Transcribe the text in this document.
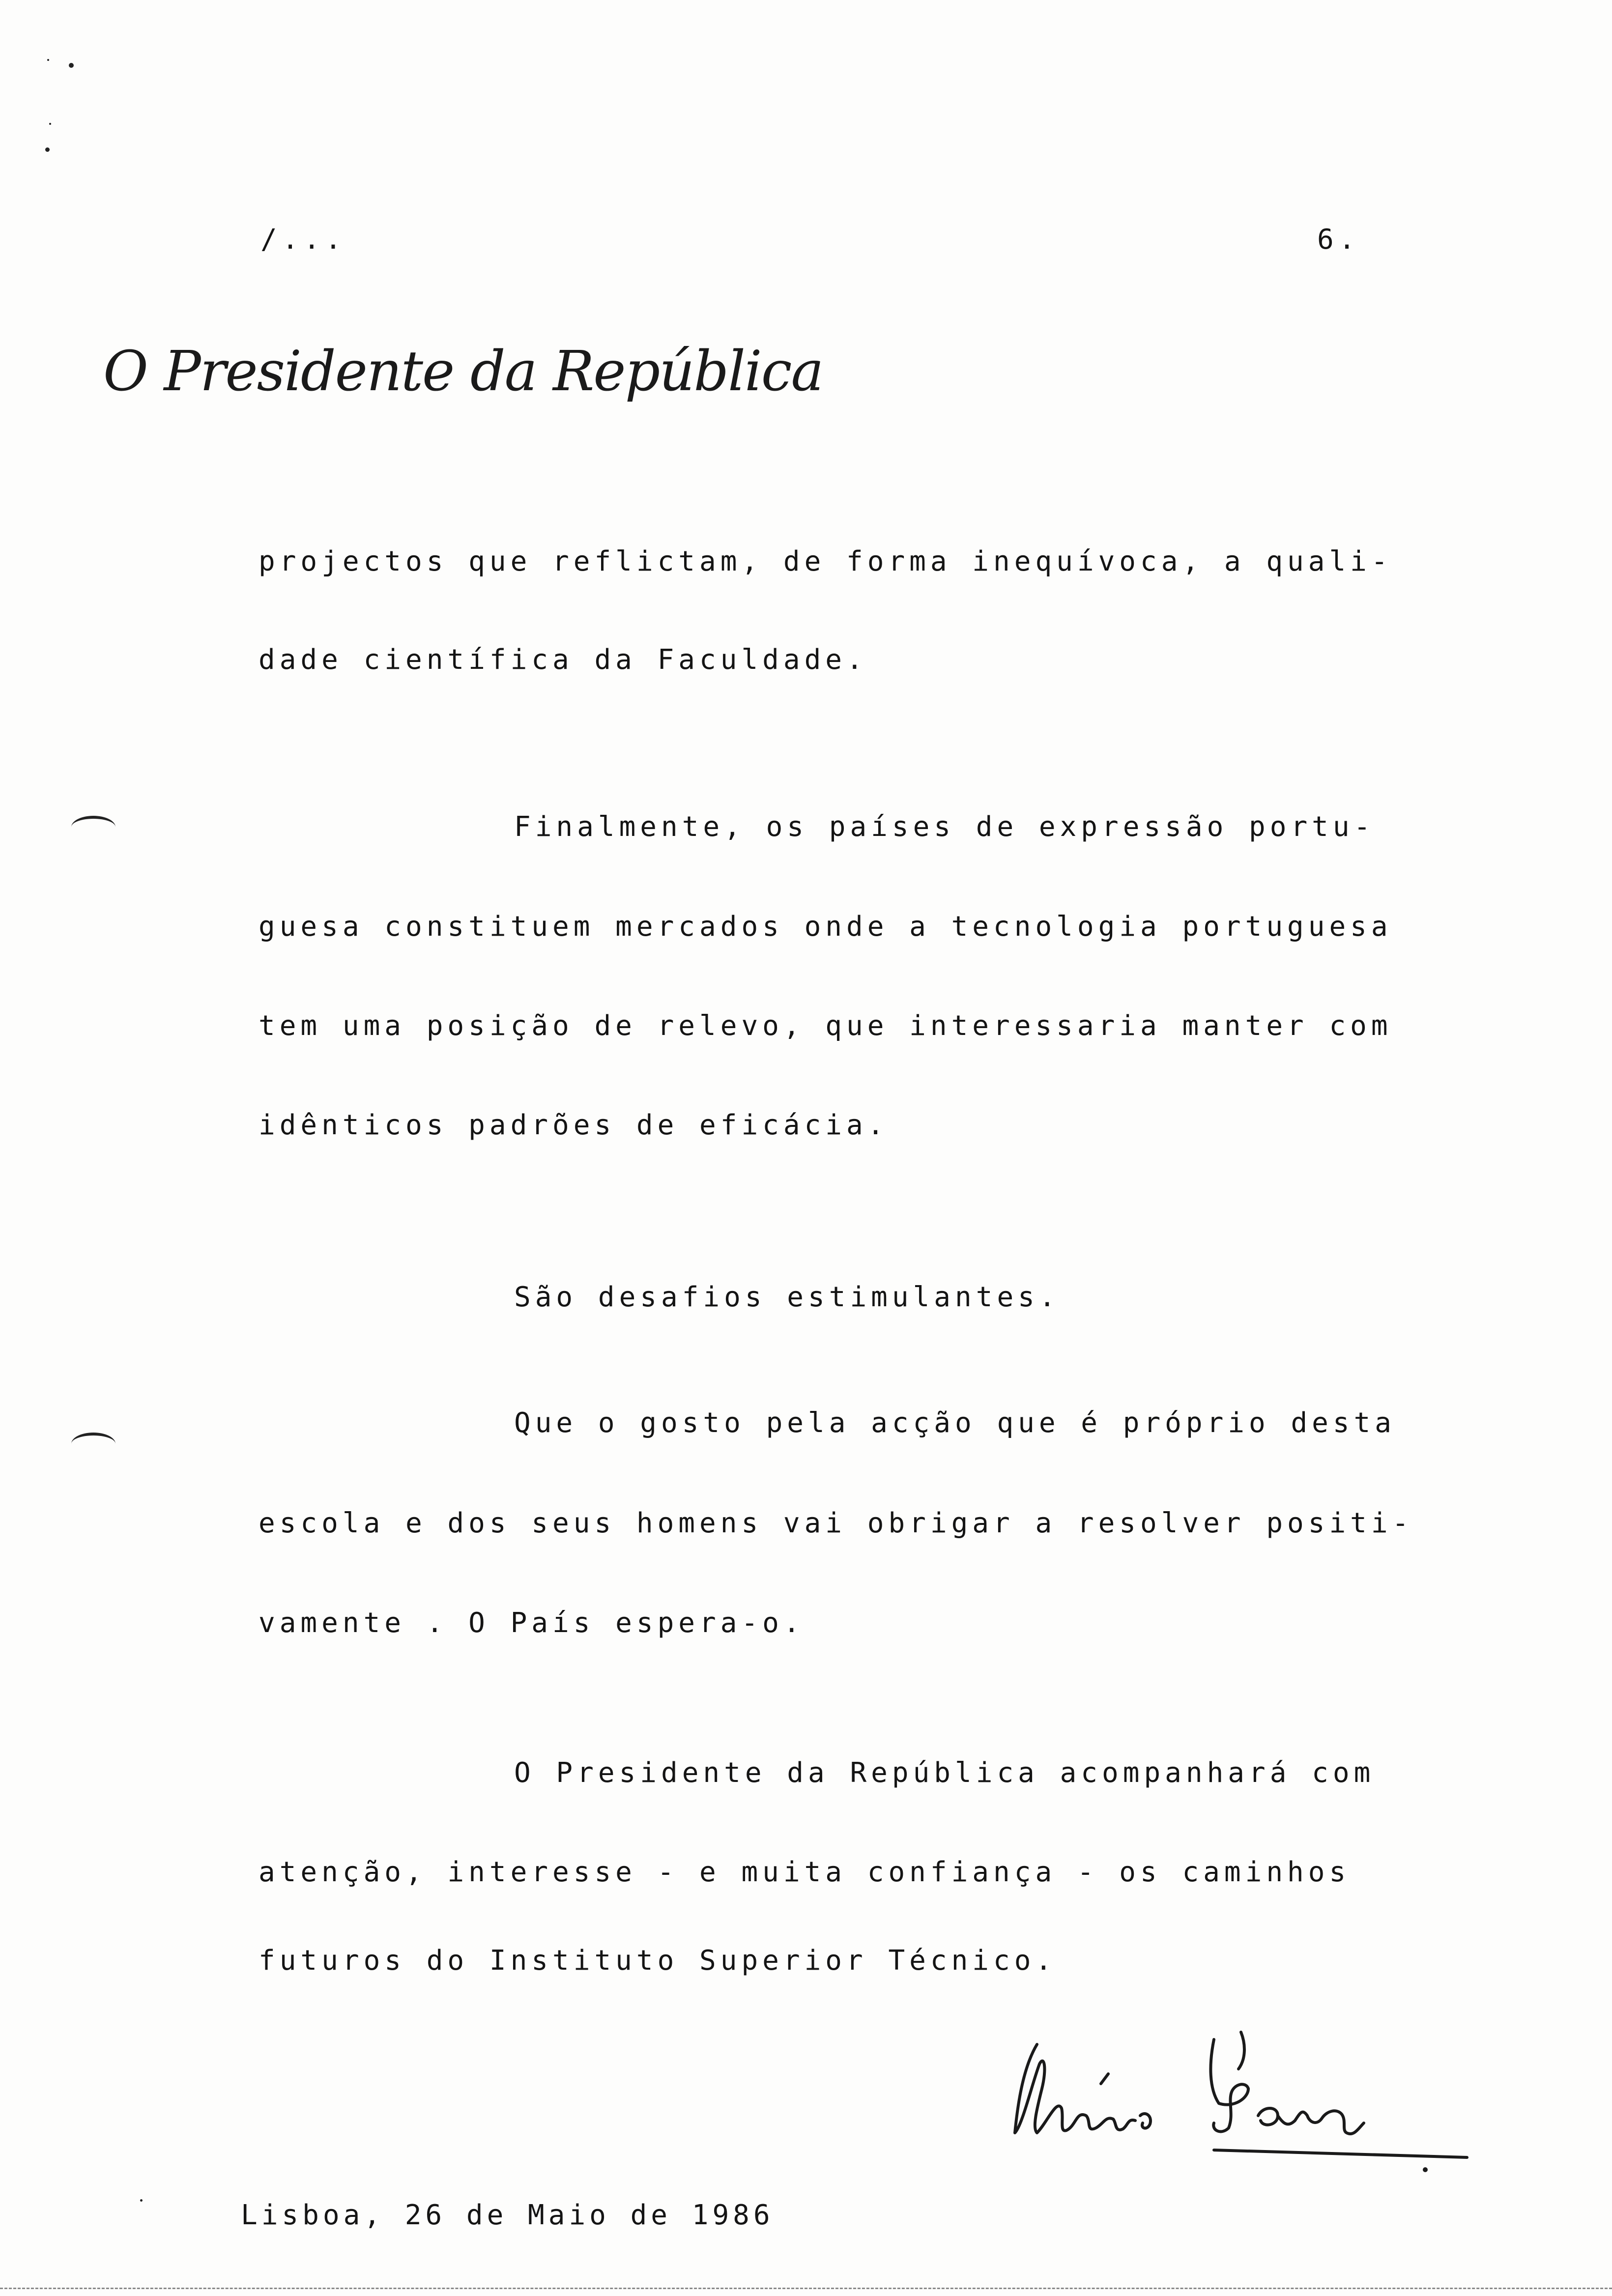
/...	6.
O Presidente da República
projectos que reflictam, de forma inequívoca, a quali-
dade científica da Faculdade.
Finalmente, os países de expressão portu-
guesa constituem mercados onde a tecnologia portuguesa
tem uma posição de relevo, que interessaria manter com
idênticos padrões de eficácia.
São desafios estimulantes.
Que o gosto pela acção que é próprio desta
escola e dos seus homens vai obrigar a resolver positi-
vamente . O País espera-o.
O Presidente da República acompanhará com
atenção, interesse - e muita confiança - os caminhos
futuros do Instituto Superior Técnico.
Lisboa, 26 de Maio de 1986
